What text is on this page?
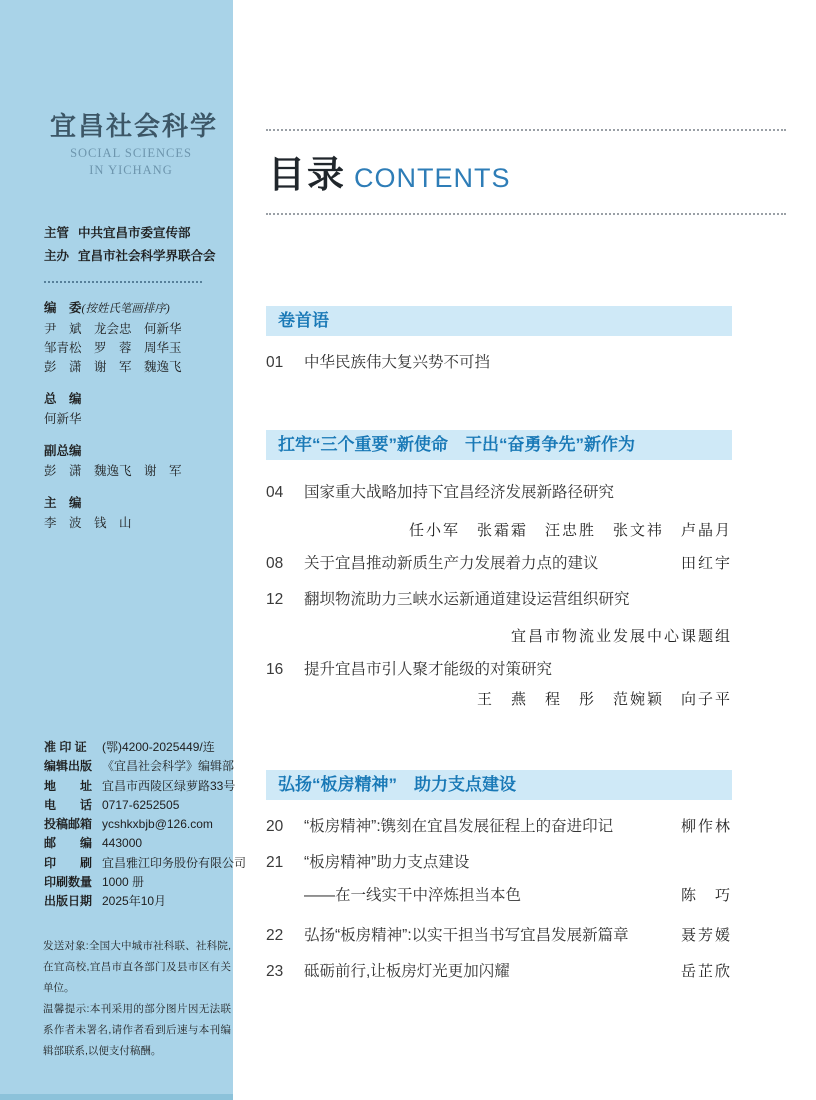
宜昌社会科学
SOCIAL SCIENCES
IN YICHANG
主管 中共宜昌市委宣传部
主办 宜昌市社会科学界联合会
编　委(按姓氏笔画排序)
尹　斌　龙会忠　何新华
邹青松　罗　蓉　周华玉
彭　潇　谢　军　魏逸飞
总　编
何新华
副总编
彭　潇　魏逸飞　谢　军
主　编
李　波　钱　山
准 印 证	(鄂)4200-2025449/连
编辑出版 《宜昌社会科学》编辑部
地　　址 宜昌市西陵区绿萝路33号
电　　话 0717-6252505
投稿邮箱 ycshkxbjb@126.com
邮　　编 443000
印　　刷 宜昌雅江印务股份有限公司
印刷数量 1000 册
出版日期 2025年10月

发送对象:全国大中城市社科联、社科院,在宜高校,宜昌市直各部门及县市区有关单位。

温馨提示:本刊采用的部分图片因无法联系作者未署名,请作者看到后速与本刊编辑部联系,以便支付稿酬。

目录 CONTENTS
卷首语
01	中华民族伟大复兴势不可挡
扛牢“三个重要”新使命　干出“奋勇争先”新作为
04	国家重大战略加持下宜昌经济发展新路径研究
任小军　张霜霜　汪忠胜　张文祎　卢晶月
08	关于宜昌推动新质生产力发展着力点的建议	田红宇
12	翻坝物流助力三峡水运新通道建设运营组织研究
宜昌市物流业发展中心课题组
16	提升宜昌市引人聚才能级的对策研究
王　燕　程　彤　范婉颖　向子平
弘扬“板房精神”　助力支点建设
20	“板房精神”:镌刻在宜昌发展征程上的奋进印记	柳作林
21	“板房精神”助力支点建设
——在一线实干中淬炼担当本色	陈　巧
22	弘扬“板房精神”:以实干担当书写宜昌发展新篇章	聂芳媛
23	砥砺前行,让板房灯光更加闪耀	岳芷欣
